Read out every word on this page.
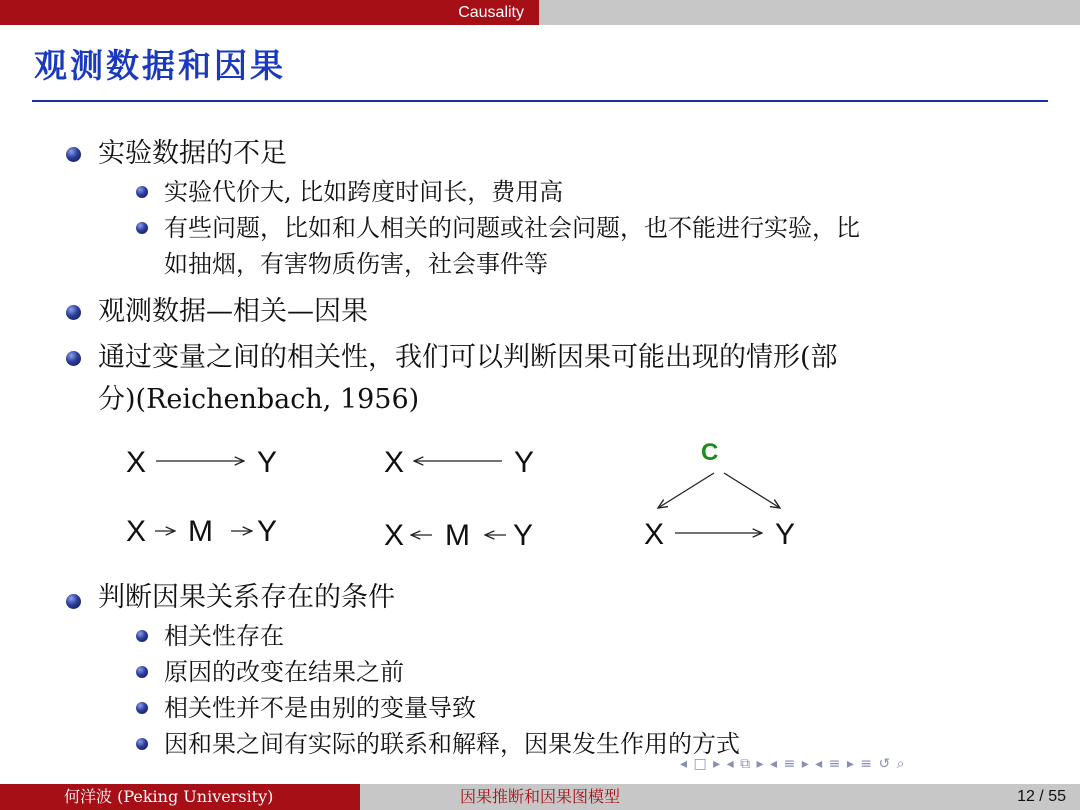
Causality
观测数据和因果
实验数据的不足
实验代价大, 比如跨度时间长，费用高
有些问题，比如和人相关的问题或社会问题，也不能进行实验，比
如抽烟，有害物质伤害，社会事件等
观测数据—相关—因果
通过变量之间的相关性，我们可以判断因果可能出现的情形(部
分)(Reichenbach, 1956)
X	Y	X	Y
X M Y	X M Y
C
X	Y
判断因果关系存在的条件
相关性存在
原因的改变在结果之前
相关性并不是由别的变量导致
因和果之间有实际的联系和解释，因果发生作用的方式
◂ □ ▸ ◂ ⧉ ▸ ◂ ≡ ▸ ◂ ≡ ▸ ≡ ↺ ⌕
何洋波 (Peking University)	因果推断和因果图模型	12 / 55
